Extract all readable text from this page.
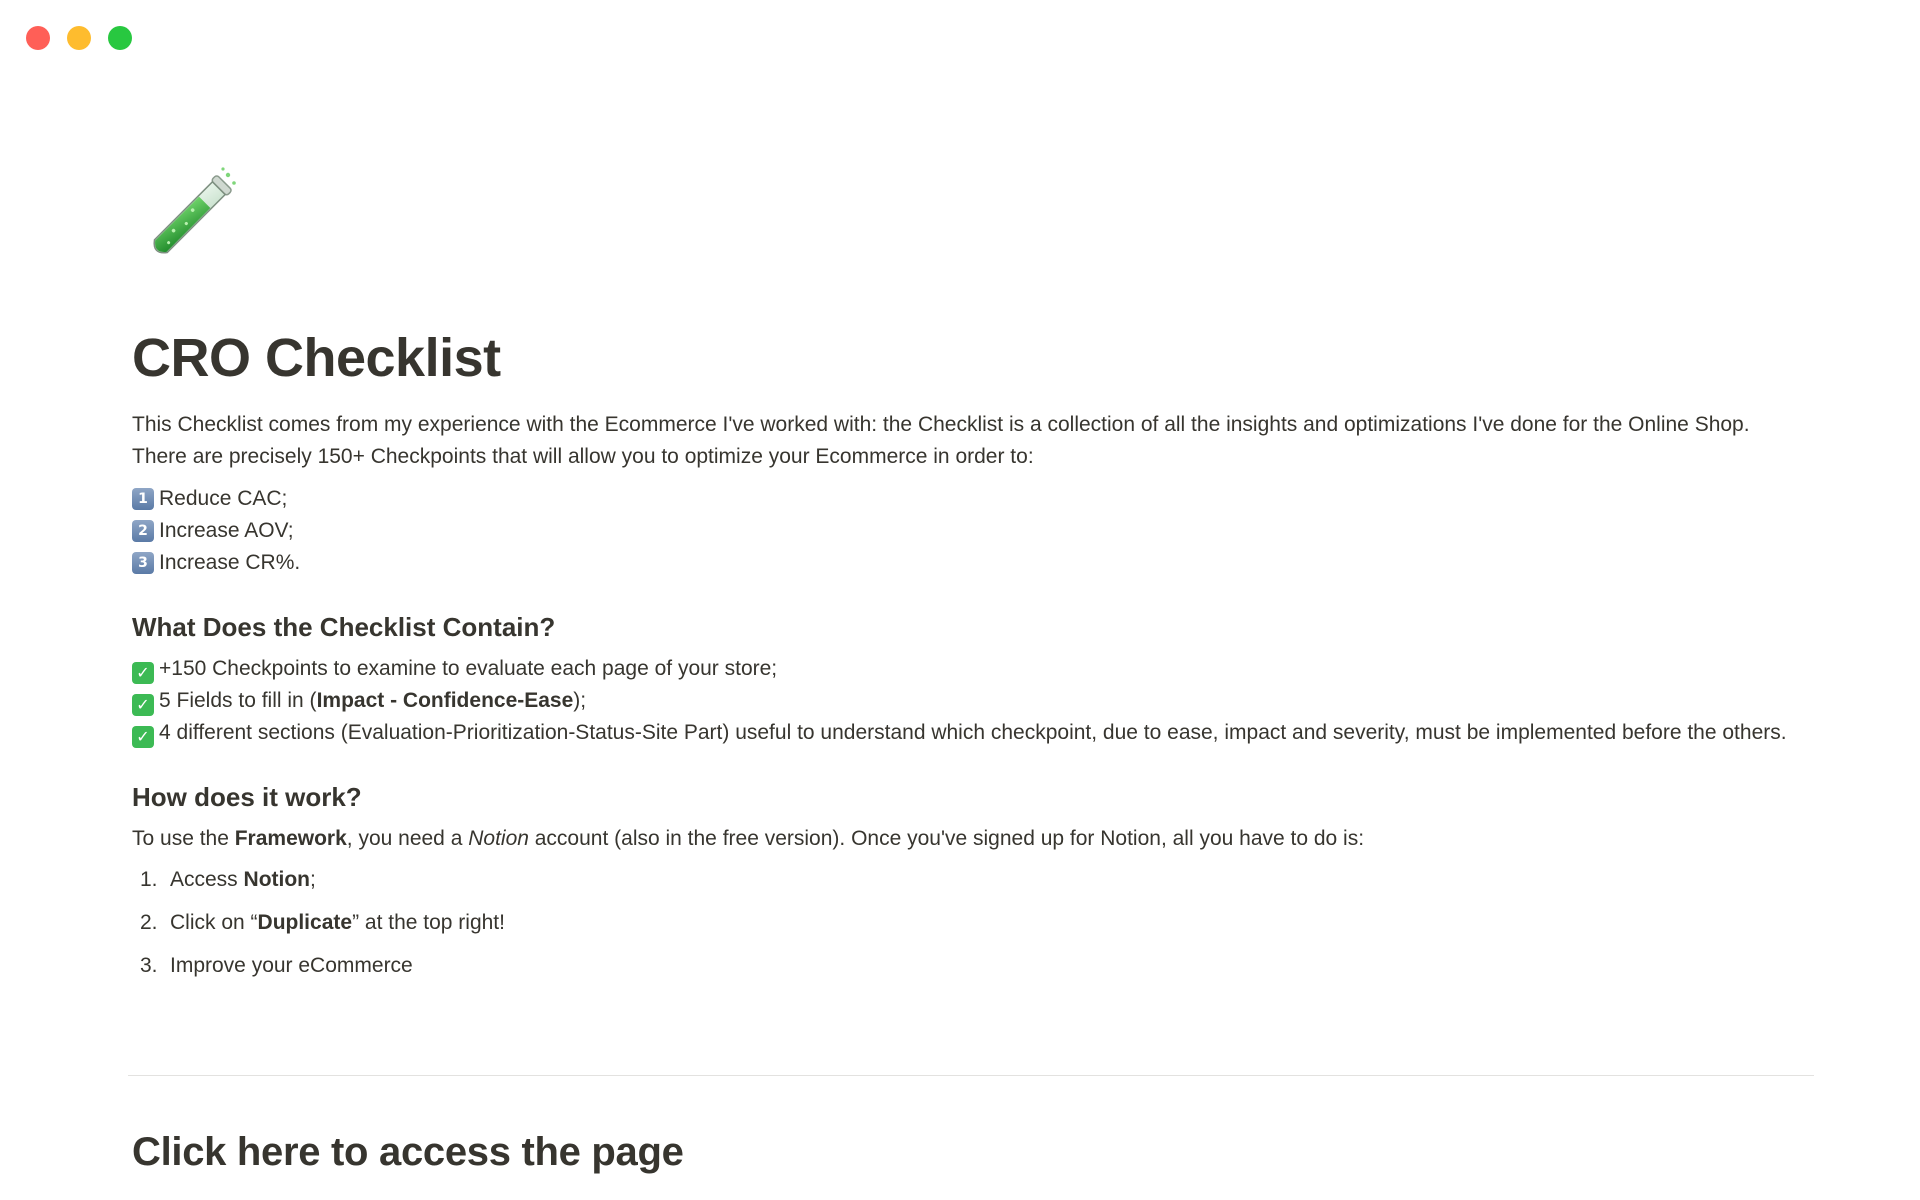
CRO Checklist

This Checklist comes from my experience with the Ecommerce I've worked with: the Checklist is a collection of all the insights and optimizations I've done for the Online Shop.

There are precisely 150+ Checkpoints that will allow you to optimize your Ecommerce in order to:

1 Reduce CAC;
2 Increase AOV;
3 Increase CR%.
What Does the Checklist Contain?
✓ +150 Checkpoints to examine to evaluate each page of your store;
✓ 5 Fields to fill in (Impact - Confidence-Ease);
✓ 4 different sections (Evaluation-Prioritization-Status-Site Part) useful to understand which checkpoint, due to ease, impact and severity, must be implemented before the others.
How does it work?

To use the Framework, you need a Notion account (also in the free version). Once you've signed up for Notion, all you have to do is:

1. Access Notion;
2. Click on “Duplicate” at the top right!
3. Improve your eCommerce
Click here to access the page
